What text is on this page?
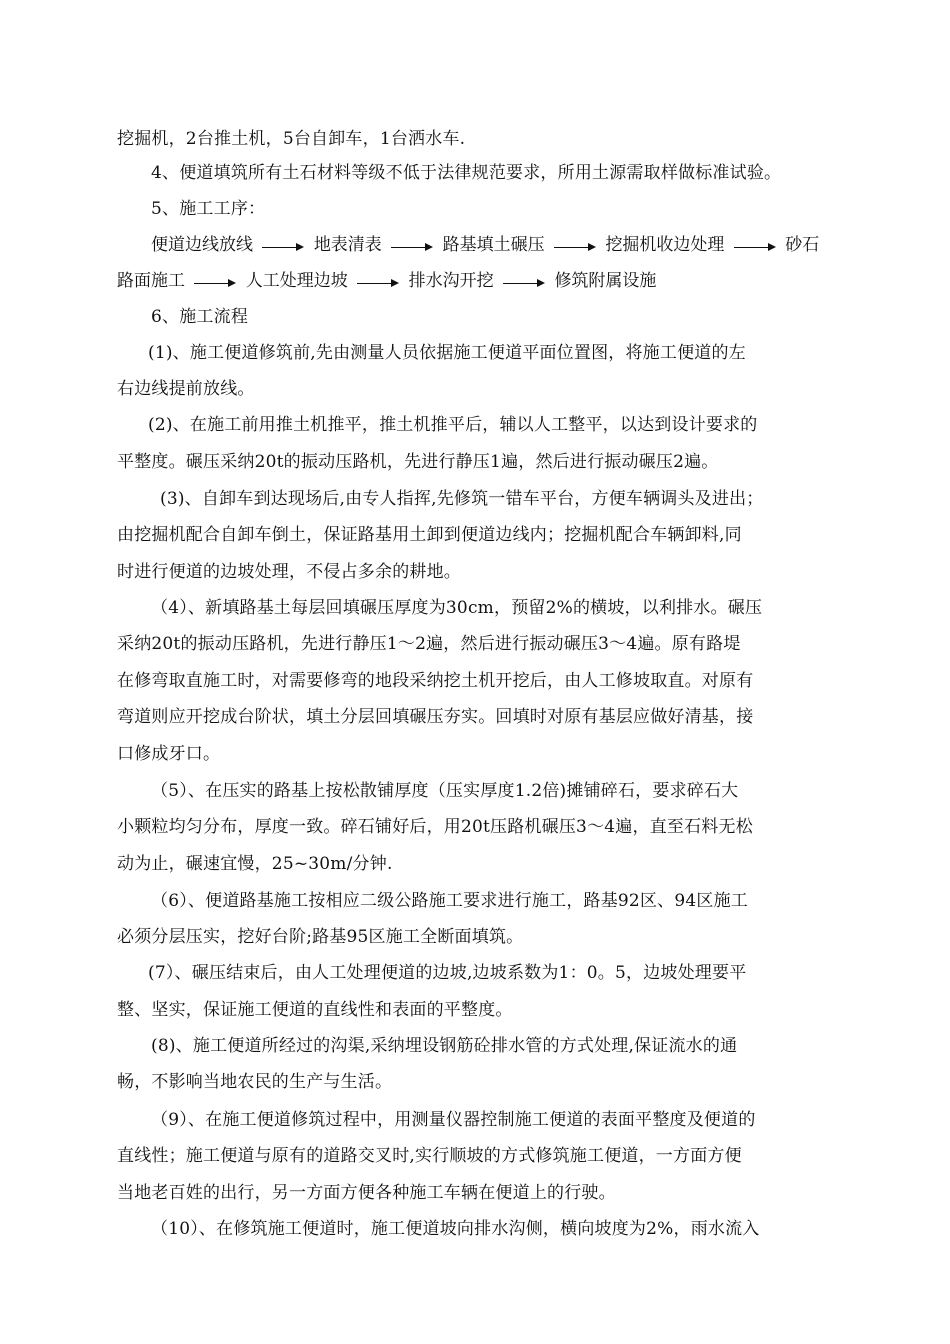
挖掘机，2台推土机，5台自卸车，1台洒水车.
4、便道填筑所有土石材料等级不低于法律规范要求，所用土源需取样做标准试验。
5、施工工序：
便道边线放线	地表清表	路基填土碾压	挖掘机收边处理	砂石
路面施工	人工处理边坡	排水沟开挖	修筑附属设施
6、施工流程
(1)、施工便道修筑前,先由测量人员依据施工便道平面位置图，将施工便道的左
右边线提前放线。
(2)、在施工前用推土机推平，推土机推平后，辅以人工整平，以达到设计要求的
平整度。碾压采纳20t的振动压路机，先进行静压1遍，然后进行振动碾压2遍。
(3)、自卸车到达现场后,由专人指挥,先修筑一错车平台，方便车辆调头及进出；
由挖掘机配合自卸车倒土，保证路基用土卸到便道边线内；挖掘机配合车辆卸料,同
时进行便道的边坡处理，不侵占多余的耕地。
（4）、新填路基土每层回填碾压厚度为30cm，预留2%的横坡，以利排水。碾压
采纳20t的振动压路机，先进行静压1～2遍，然后进行振动碾压3～4遍。原有路堤
在修弯取直施工时，对需要修弯的地段采纳挖土机开挖后，由人工修坡取直。对原有
弯道则应开挖成台阶状，填土分层回填碾压夯实。回填时对原有基层应做好清基，接
口修成牙口。
（5）、在压实的路基上按松散铺厚度（压实厚度1.2倍)摊铺碎石，要求碎石大
小颗粒均匀分布，厚度一致。碎石铺好后，用20t压路机碾压3～4遍，直至石料无松
动为止，碾速宜慢，25~30m/分钟.
（6）、便道路基施工按相应二级公路施工要求进行施工，路基92区、94区施工
必须分层压实，挖好台阶;路基95区施工全断面填筑。
(7）、碾压结束后，由人工处理便道的边坡,边坡系数为1：0。5，边坡处理要平
整、坚实，保证施工便道的直线性和表面的平整度。
(8)、施工便道所经过的沟渠,采纳埋设钢筋砼排水管的方式处理,保证流水的通
畅，不影响当地农民的生产与生活。
（9）、在施工便道修筑过程中，用测量仪器控制施工便道的表面平整度及便道的
直线性；施工便道与原有的道路交叉时,实行顺坡的方式修筑施工便道，一方面方便
当地老百姓的出行，另一方面方便各种施工车辆在便道上的行驶。
（10）、在修筑施工便道时，施工便道坡向排水沟侧，横向坡度为2%，雨水流入
